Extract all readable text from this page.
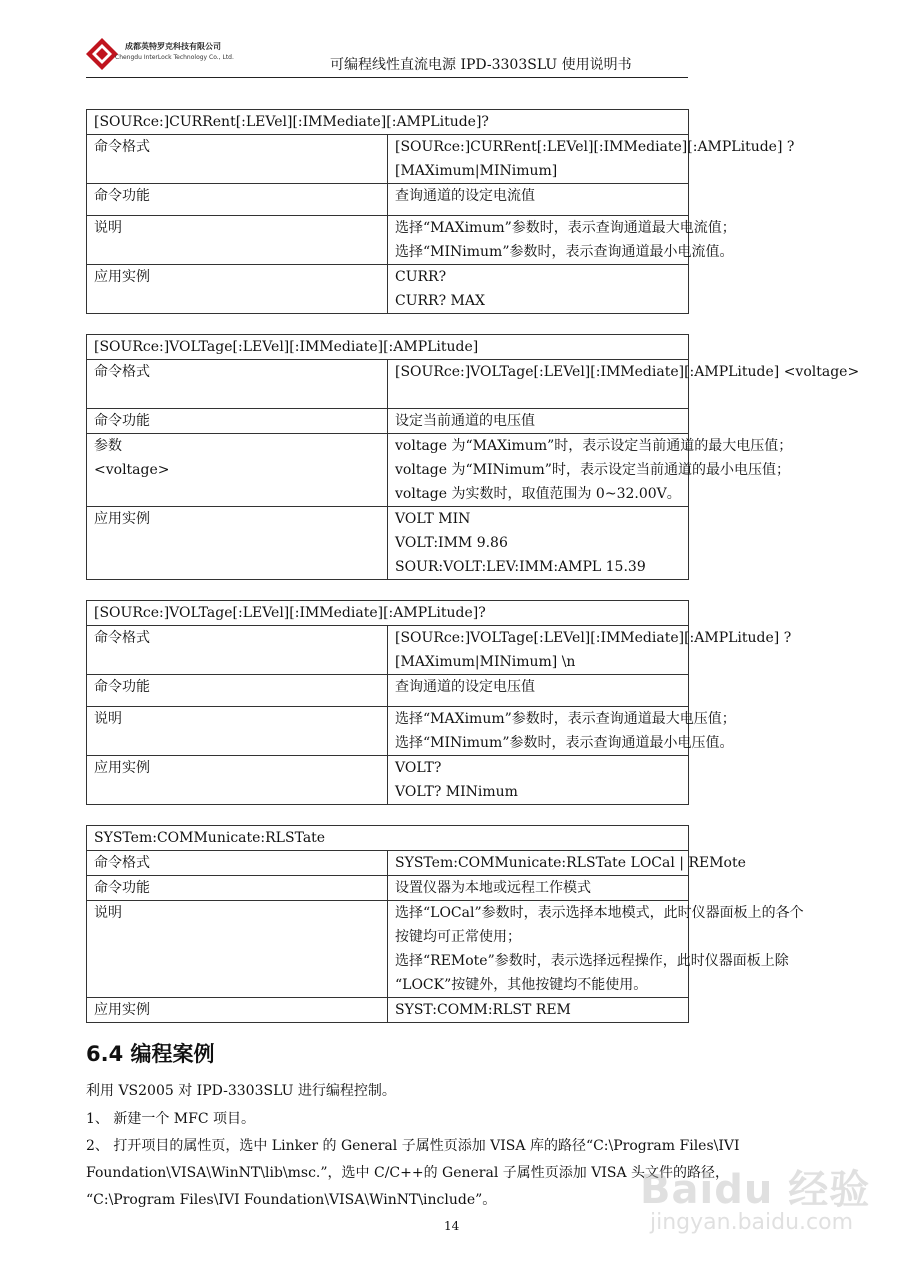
成都英特罗克科技有限公司
Chengdu InterLock Technology Co., Ltd.	可编程线性直流电源 IPD-3303SLU 使用说明书
[SOURce:]CURRent[:LEVel][:IMMediate][:AMPLitude]?	

命令格式	[SOURce:]CURRent[:LEVel][:IMMediate][:AMPLitude] ?
[MAXimum|MINimum]

命令功能	查询通道的设定电流值

说明	选择“MAXimum”参数时，表示查询通道最大电流值；
选择“MINimum”参数时，表示查询通道最小电流值。

应用实例	CURR?
CURR? MAX
[SOURce:]VOLTage[:LEVel][:IMMediate][:AMPLitude]	

命令格式	[SOURce:]VOLTage[:LEVel][:IMMediate][:AMPLitude] <voltage>

命令功能	设定当前通道的电压值

参数
<voltage>	voltage 为“MAXimum”时，表示设定当前通道的最大电压值；
voltage 为“MINimum”时，表示设定当前通道的最小电压值；
voltage 为实数时，取值范围为 0~32.00V。

应用实例	VOLT MIN
VOLT:IMM 9.86
SOUR:VOLT:LEV:IMM:AMPL 15.39
[SOURce:]VOLTage[:LEVel][:IMMediate][:AMPLitude]?	

命令格式	[SOURce:]VOLTage[:LEVel][:IMMediate][:AMPLitude] ?
[MAXimum|MINimum] \n

命令功能	查询通道的设定电压值

说明	选择“MAXimum”参数时，表示查询通道最大电压值；
选择“MINimum”参数时，表示查询通道最小电压值。

应用实例	VOLT?
VOLT? MINimum
SYSTem:COMMunicate:RLSTate	

命令格式	SYSTem:COMMunicate:RLSTate LOCal | REMote

命令功能	设置仪器为本地或远程工作模式

说明	选择“LOCal”参数时，表示选择本地模式，此时仪器面板上的各个
按键均可正常使用；
选择“REMote”参数时，表示选择远程操作，此时仪器面板上除
“LOCK”按键外，其他按键均不能使用。

应用实例	SYST:COMM:RLST REM
6.4 编程案例
利用 VS2005 对 IPD-3303SLU 进行编程控制。
1、 新建一个 MFC 项目。
2、 打开项目的属性页，选中 Linker 的 General 子属性页添加 VISA 库的路径“C:\Program Files\IVI
Foundation\VISA\WinNT\lib\msc.”，选中 C/C++的 General 子属性页添加 VISA 头文件的路径，
“C:\Program Files\IVI Foundation\VISA\WinNT\include”。
14
Baidu 经验
jingyan.baidu.com
